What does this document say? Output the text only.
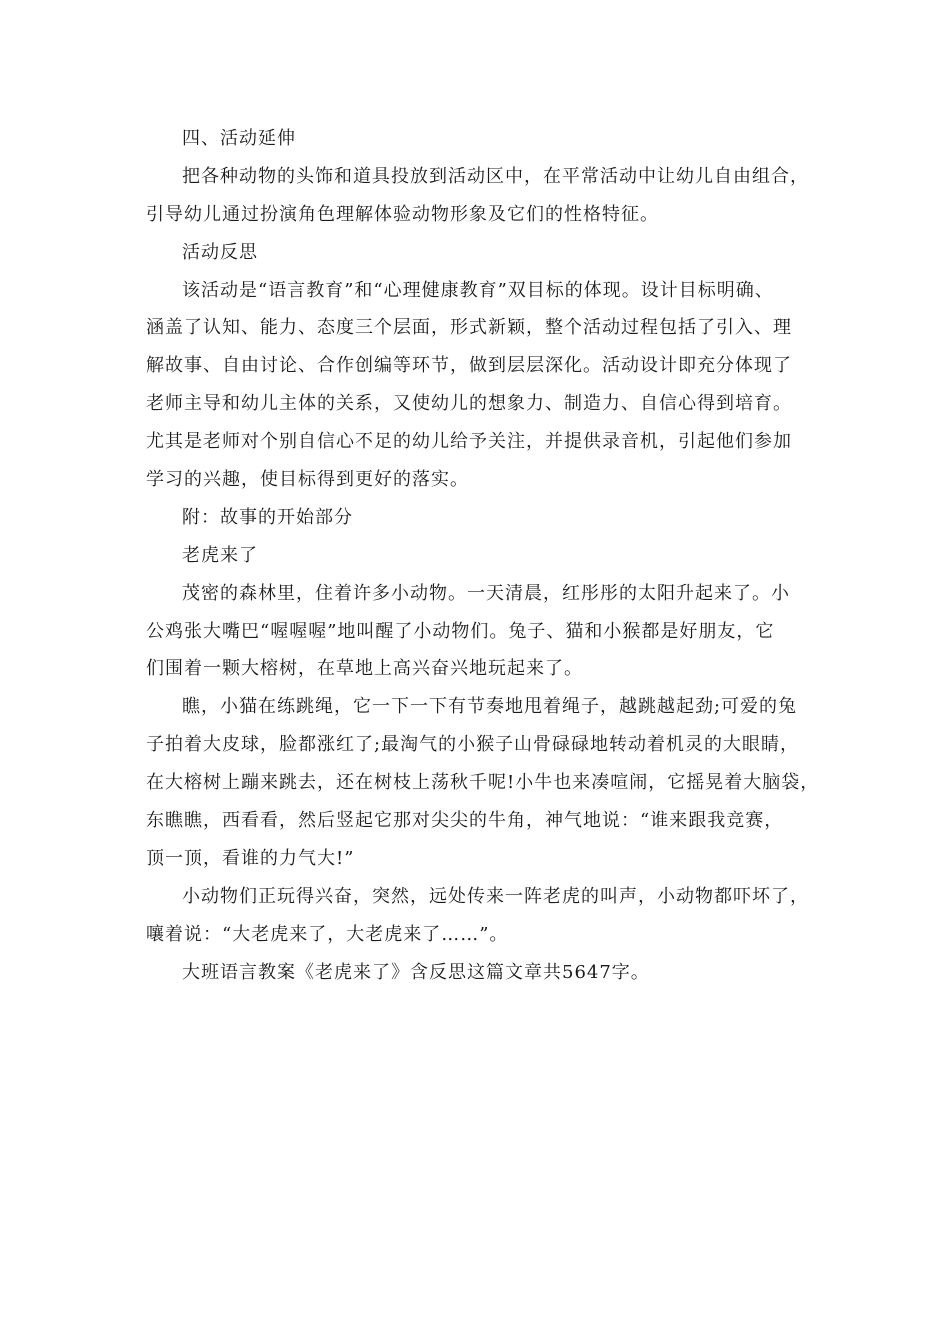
四、活动延伸
把各种动物的头饰和道具投放到活动区中，在平常活动中让幼儿自由组合，
引导幼儿通过扮演角色理解体验动物形象及它们的性格特征。
活动反思
该活动是“语言教育”和“心理健康教育”双目标的体现。设计目标明确、
涵盖了认知、能力、态度三个层面，形式新颖，整个活动过程包括了引入、理
解故事、自由讨论、合作创编等环节，做到层层深化。活动设计即充分体现了
老师主导和幼儿主体的关系，又使幼儿的想象力、制造力、自信心得到培育。
尤其是老师对个别自信心不足的幼儿给予关注，并提供录音机，引起他们参加
学习的兴趣，使目标得到更好的落实。
附：故事的开始部分
老虎来了
茂密的森林里，住着许多小动物。一天清晨，红彤彤的太阳升起来了。小
公鸡张大嘴巴“喔喔喔”地叫醒了小动物们。兔子、猫和小猴都是好朋友，它
们围着一颗大榕树，在草地上高兴奋兴地玩起来了。
瞧，小猫在练跳绳，它一下一下有节奏地甩着绳子，越跳越起劲;可爱的兔
子拍着大皮球，脸都涨红了;最淘气的小猴子山骨碌碌地转动着机灵的大眼睛，
在大榕树上蹦来跳去，还在树枝上荡秋千呢!小牛也来凑喧闹，它摇晃着大脑袋，
东瞧瞧，西看看，然后竖起它那对尖尖的牛角，神气地说：“谁来跟我竞赛，
顶一顶，看谁的力气大!”
小动物们正玩得兴奋，突然，远处传来一阵老虎的叫声，小动物都吓坏了，
嚷着说：“大老虎来了，大老虎来了……”。
大班语言教案《老虎来了》含反思这篇文章共5647字。
